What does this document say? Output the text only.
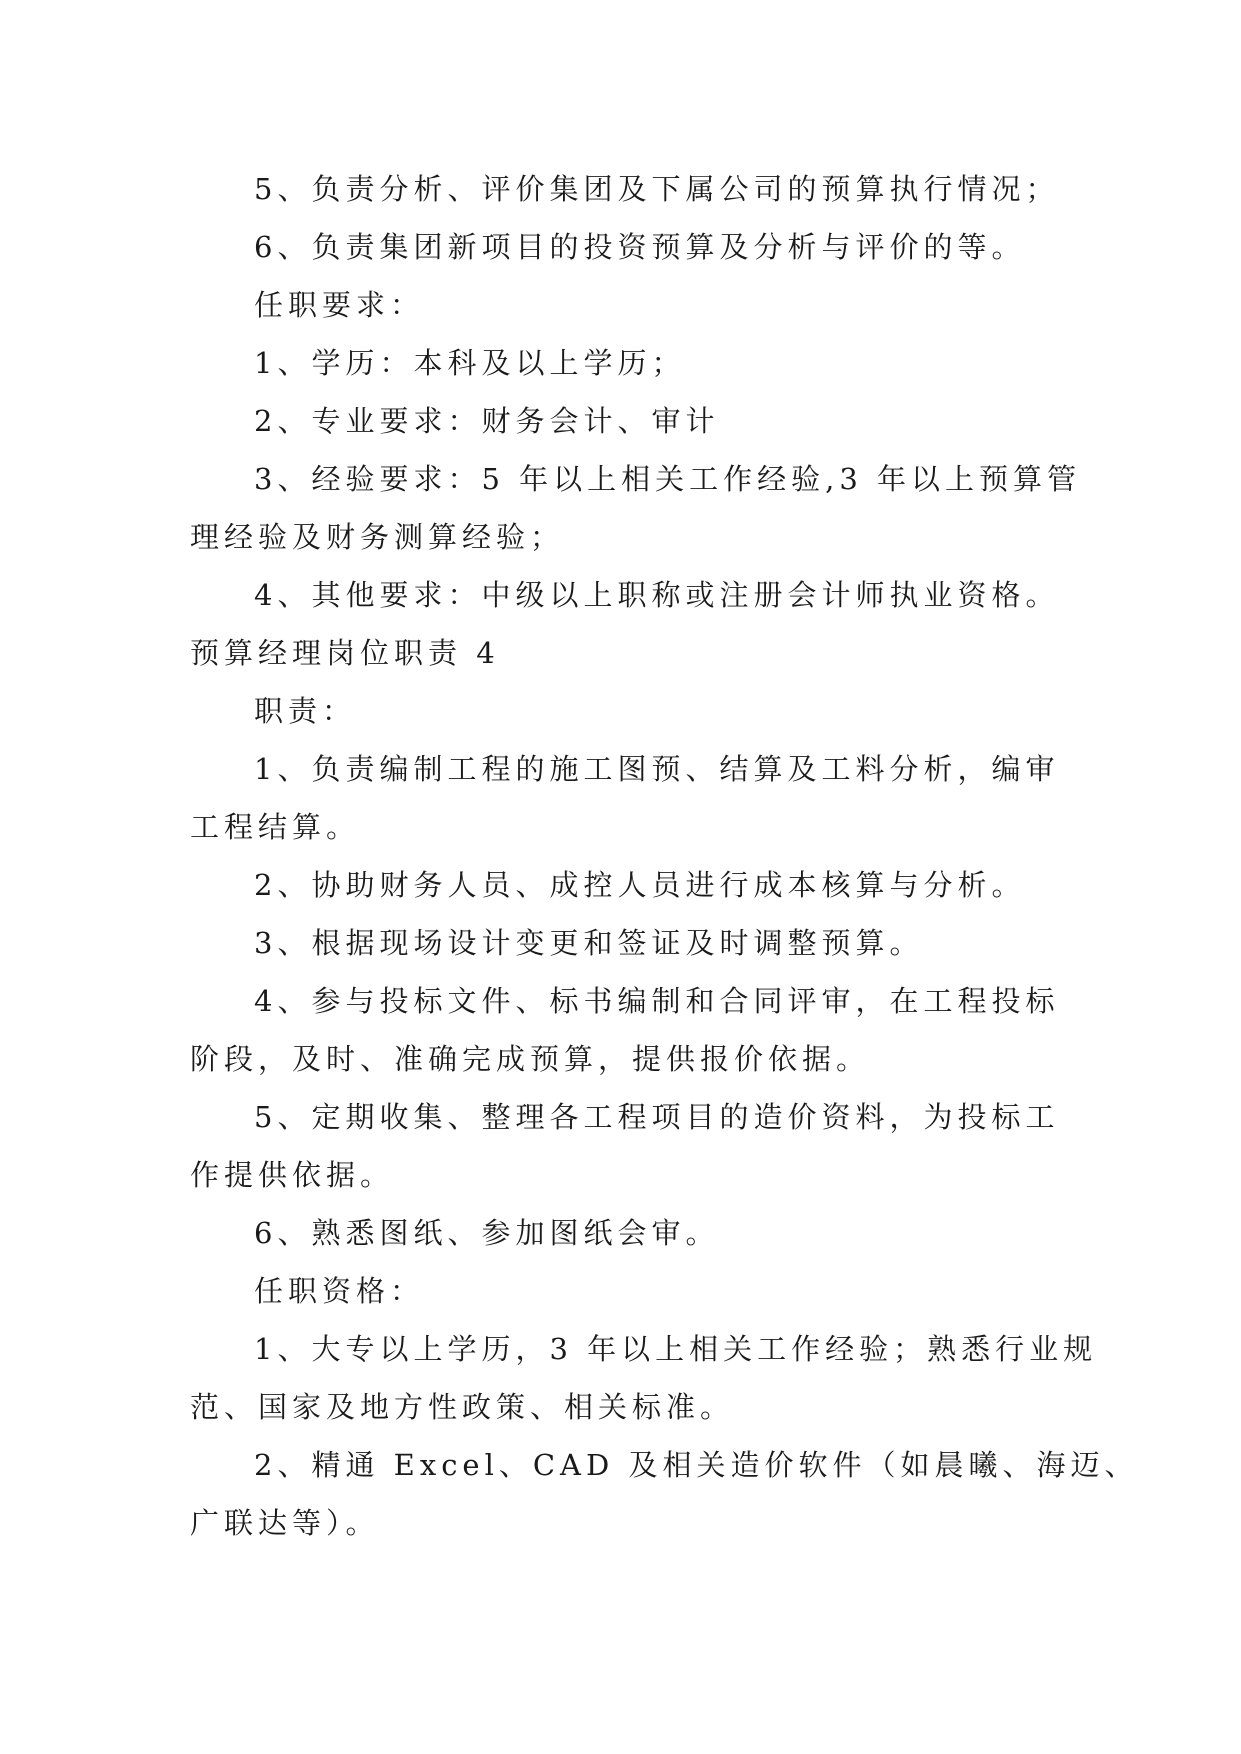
5、负责分析、评价集团及下属公司的预算执行情况；
6、负责集团新项目的投资预算及分析与评价的等。
任职要求：
1、学历：本科及以上学历；
2、专业要求：财务会计、审计
3、经验要求：5 年以上相关工作经验,3 年以上预算管
理经验及财务测算经验；
4、其他要求：中级以上职称或注册会计师执业资格。
预算经理岗位职责 4
职责：
1、负责编制工程的施工图预、结算及工料分析，编审
工程结算。
2、协助财务人员、成控人员进行成本核算与分析。
3、根据现场设计变更和签证及时调整预算。
4、参与投标文件、标书编制和合同评审，在工程投标
阶段，及时、准确完成预算，提供报价依据。
5、定期收集、整理各工程项目的造价资料，为投标工
作提供依据。
6、熟悉图纸、参加图纸会审。
任职资格：
1、大专以上学历，3 年以上相关工作经验；熟悉行业规
范、国家及地方性政策、相关标准。
2、精通 Excel、CAD 及相关造价软件（如晨曦、海迈、
广联达等）。
